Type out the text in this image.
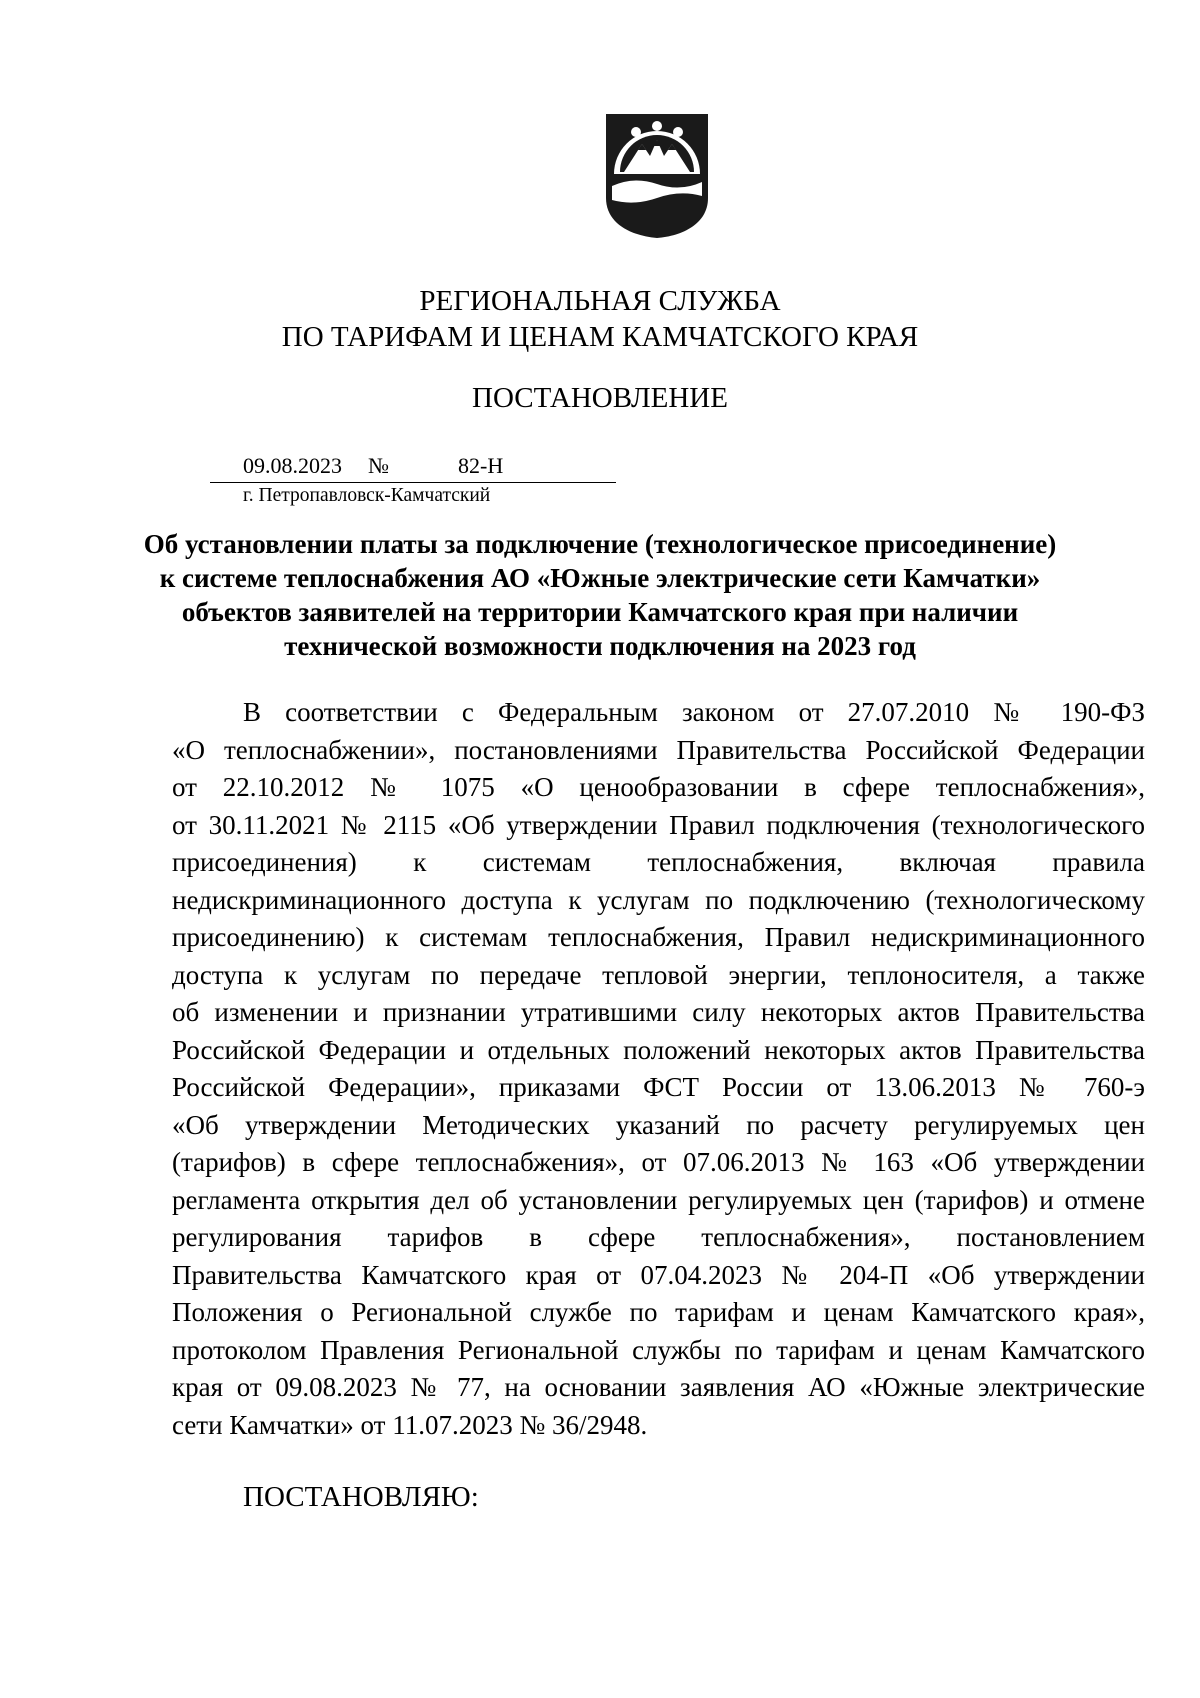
РЕГИОНАЛЬНАЯ СЛУЖБА
ПО ТАРИФАМ И ЦЕНАМ КАМЧАТСКОГО КРАЯ
ПОСТАНОВЛЕНИЕ
09.08.2023 №	82-Н
г. Петропавловск-Камчатский
Об установлении платы за подключение (технологическое присоединение)
к системе теплоснабжения АО «Южные электрические сети Камчатки»
объектов заявителей на территории Камчатского края при наличии
технической возможности подключения на 2023 год
В соответствии с Федеральным законом от 27.07.2010 № 190-ФЗ
«О теплоснабжении», постановлениями Правительства Российской Федерации
от 22.10.2012 № 1075 «О ценообразовании в сфере теплоснабжения»,
от 30.11.2021 № 2115 «Об утверждении Правил подключения (технологического
присоединения) к системам теплоснабжения, включая правила
недискриминационного доступа к услугам по подключению (технологическому
присоединению) к системам теплоснабжения, Правил недискриминационного
доступа к услугам по передаче тепловой энергии, теплоносителя, а также
об изменении и признании утратившими силу некоторых актов Правительства
Российской Федерации и отдельных положений некоторых актов Правительства
Российской Федерации», приказами ФСТ России от 13.06.2013 № 760-э
«Об утверждении Методических указаний по расчету регулируемых цен
(тарифов) в сфере теплоснабжения», от 07.06.2013 № 163 «Об утверждении
регламента открытия дел об установлении регулируемых цен (тарифов) и отмене
регулирования тарифов в сфере теплоснабжения», постановлением
Правительства Камчатского края от 07.04.2023 № 204-П «Об утверждении
Положения о Региональной службе по тарифам и ценам Камчатского края»,
протоколом Правления Региональной службы по тарифам и ценам Камчатского
края от 09.08.2023 № 77, на основании заявления АО «Южные электрические
сети Камчатки» от 11.07.2023 № 36/2948.
ПОСТАНОВЛЯЮ:
